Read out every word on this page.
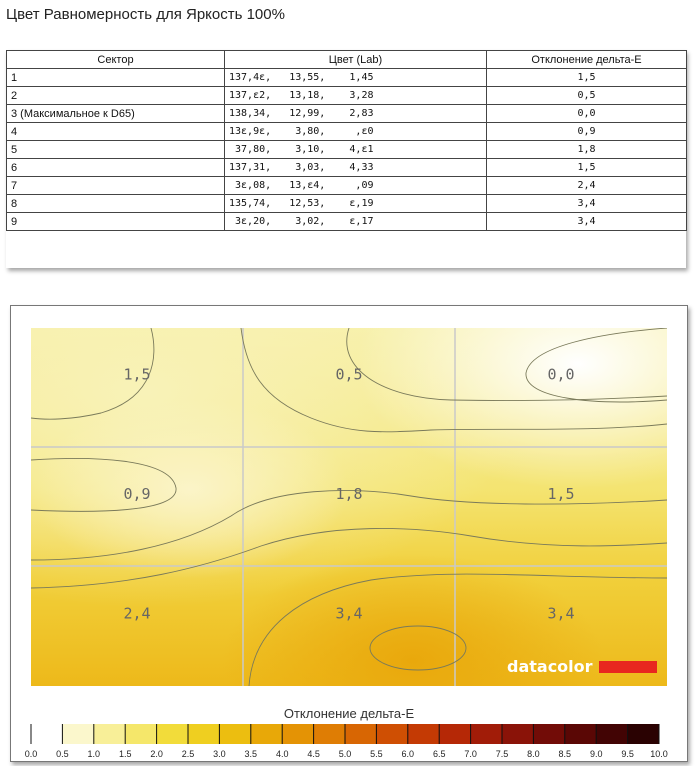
Цвет Равномерность для Яркость 100%
Сектор	Цвет (Lab)	Отклонение дельта-E
1	137,4ε,   13,55,    1,45	1,5
2	137,ε2,   13,18,    3,28	0,5
3 (Максимальное к D65)	138,34,   12,99,    2,83	0,0
4	13ε,9ε,    3,80,     ,ε0	0,9
5	37,80,    3,10,    4,ε1	1,8
6	137,31,    3,03,    4,33	1,5
7	3ε,08,   13,ε4,     ,09	2,4
8	135,74,   12,53,    ε,19	3,4
9	3ε,20,    3,02,    ε,17	3,4
1,5	0,5	0,0
0,9	1,8	1,5
2,4	3,4	3,4
datacolor
Отклонение дельта-E
0.0 0.5 1.0 1.5 2.0 2.5 3.0 3.5 4.0 4.5 5.0 5.5 6.0 6.5 7.0 7.5 8.0 8.5 9.0 9.5 10.0
